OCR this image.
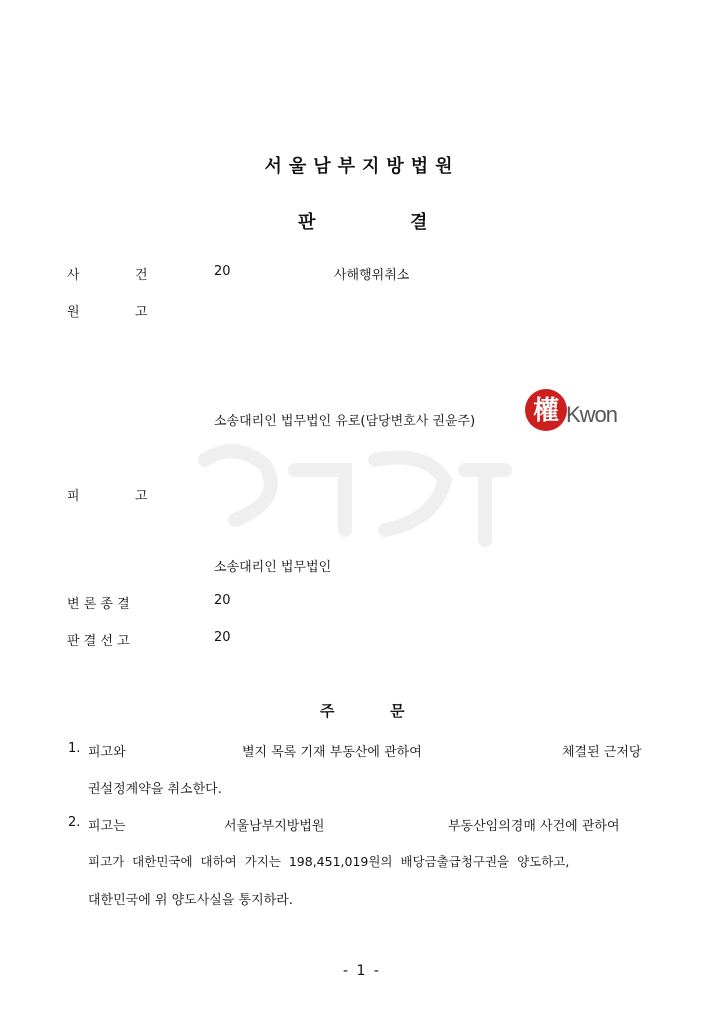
서울남부지방법원
판	결
사	건	20	사해행위취소
원	고
소송대리인 법무법인 유로(담당변호사 권윤주) 權 Kwon
피	고
소송대리인 법무법인
변 론 종 결	20
판 결 선 고	20
주	문
1. 피고와	별지 목록 기재 부동산에 관하여	체결된 근저당
권설정계약을 취소한다.
2. 피고는	서울남부지방법원	부동산임의경매 사건에 관하여
피고가  대한민국에  대하여  가지는  198,451,019원의  배당금출급청구권을  양도하고,
대한민국에 위 양도사실을 통지하라.
- 1 -
